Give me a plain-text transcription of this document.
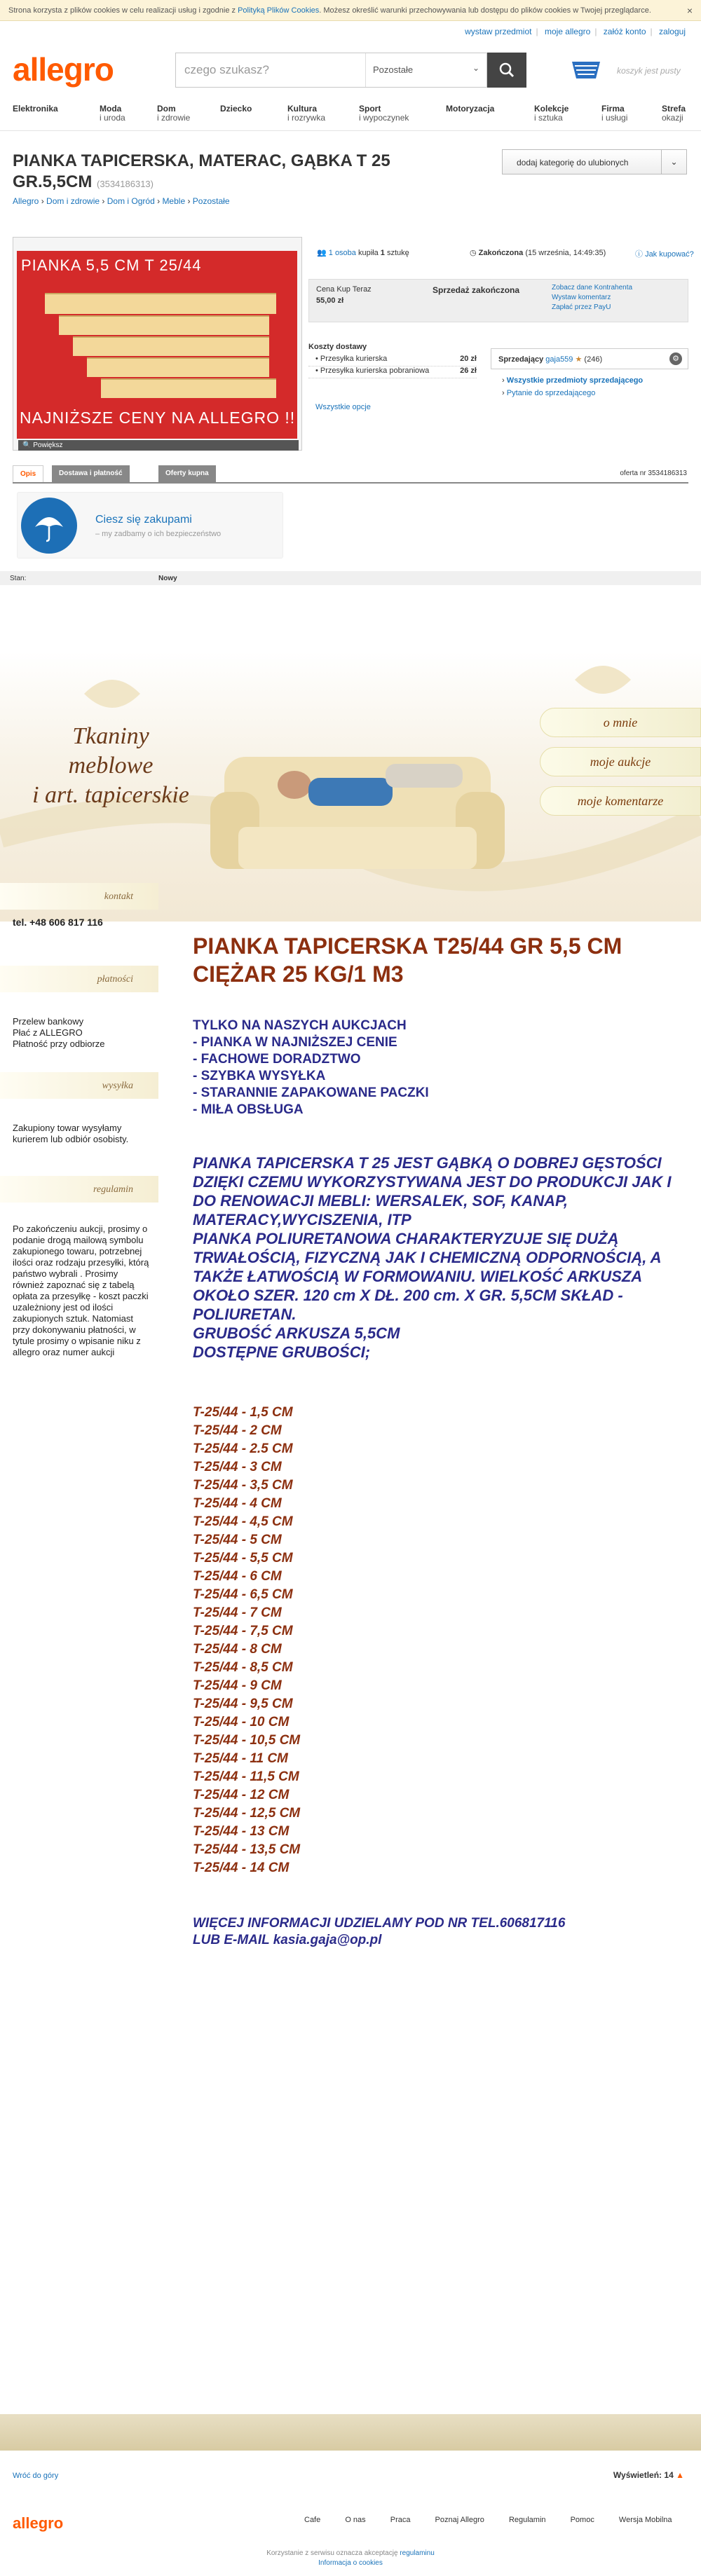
Strona korzysta z plików cookies w celu realizacji usług i zgodnie z Polityką Plików Cookies. Możesz określić warunki przechowywania lub dostępu do plików cookies w Twojej przeglądarce.	×
wystaw przedmiot | moje allegro | załóż konto | zaloguj
allegro	czego szukasz?	Pozostałe	⌄	koszyk jest pusty
Elektronika	Moda
i uroda
Dom
i zdrowie
Dziecko	Kultura
i rozrywka
Sport
i wypoczynek
Motoryzacja	Kolekcje
i sztuka
Firma
i usługi
Strefa
okazji
PIANKA TAPICERSKA, MATERAC, GĄBKA T 25 GR.5,5CM (3534186313)
dodaj kategorię do ulubionych	⌄
Allegro › Dom i zdrowie › Dom i Ogród › Meble › Pozostałe
PIANKA 5,5 CM T 25/44
NAJNIŻSZE CENY NA ALLEGRO !!
🔍 Powiększ
👥 1 osoba kupiła 1 sztukę	◷ Zakończona (15 września, 14:49:35)	ⓘ Jak kupować?
Cena Kup Teraz
55,00 zł
Sprzedaż zakończona	Zobacz dane Kontrahenta
Wystaw komentarz
Zapłać przez PayU
Koszty dostawy
• Przesyłka kurierska	20 zł
• Przesyłka kurierska pobraniowa	26 zł
Wszystkie opcje
Sprzedający gaja559 ★ (246)	⚙
› Wszystkie przedmioty sprzedającego
› Pytanie do sprzedającego
Opis	Dostawa i płatność	Oferty kupna	oferta nr 3534186313
Ciesz się zakupami
– my zadbamy o ich bezpieczeństwo
Stan:	Nowy
Tkaniny
meblowe
i art. tapicerskie
o mnie
moje aukcje
moje komentarze
kontakt
tel. +48 606 817 116
płatności
Przelew bankowy
Płać z ALLEGRO
Płatność przy odbiorze
wysyłka
Zakupiony towar wysyłamy kurierem lub odbiór osobisty.
regulamin
Po zakończeniu aukcji, prosimy o podanie drogą mailową symbolu zakupionego towaru, potrzebnej ilości oraz rodzaju przesyłki, którą państwo wybrali . Prosimy również zapoznać się z tabelą opłata za przesyłkę - koszt paczki uzależniony jest od ilości zakupionych sztuk. Natomiast przy dokonywaniu płatności, w tytule prosimy o wpisanie niku z allegro oraz numer aukcji
PIANKA TAPICERSKA T25/44 GR 5,5 CM
CIĘŻAR 25 KG/1 M3
TYLKO NA NASZYCH AUKCJACH
- PIANKA W NAJNIŻSZEJ CENIE
- FACHOWE DORADZTWO
- SZYBKA WYSYŁKA
- STARANNIE ZAPAKOWANE PACZKI
- MIŁA OBSŁUGA
PIANKA TAPICERSKA T 25 JEST GĄBKĄ O DOBREJ GĘSTOŚCI DZIĘKI CZEMU WYKORZYSTYWANA JEST DO PRODUKCJI JAK I DO RENOWACJI MEBLI: WERSALEK, SOF, KANAP, MATERACY,WYCISZENIA, ITP
PIANKA POLIURETANOWA CHARAKTERYZUJE SIĘ DUŻĄ TRWAŁOŚCIĄ, FIZYCZNĄ JAK I CHEMICZNĄ ODPORNOŚCIĄ, A TAKŻE ŁATWOŚCIĄ W FORMOWANIU. WIELKOŚĆ ARKUSZA OKOŁO SZER. 120 cm X DŁ. 200 cm. X GR. 5,5CM SKŁAD - POLIURETAN.
GRUBOŚĆ ARKUSZA 5,5CM
DOSTĘPNE GRUBOŚCI;
T-25/44 - 1,5 CM
T-25/44 - 2 CM
T-25/44 - 2.5 CM
T-25/44 - 3 CM
T-25/44 - 3,5 CM
T-25/44 - 4 CM
T-25/44 - 4,5 CM
T-25/44 - 5 CM
T-25/44 - 5,5 CM
T-25/44 - 6 CM
T-25/44 - 6,5 CM
T-25/44 - 7 CM
T-25/44 - 7,5 CM
T-25/44 - 8 CM
T-25/44 - 8,5 CM
T-25/44 - 9 CM
T-25/44 - 9,5 CM
T-25/44 - 10 CM
T-25/44 - 10,5 CM
T-25/44 - 11 CM
T-25/44 - 11,5 CM
T-25/44 - 12 CM
T-25/44 - 12,5 CM
T-25/44 - 13 CM
T-25/44 - 13,5 CM
T-25/44 - 14 CM
WIĘCEJ INFORMACJI UDZIELAMY POD NR TEL.606817116
LUB E-MAIL kasia.gaja@op.pl
Wróć do góry	Wyświetleń: 14 ▲
allegro	Cafe	O nas	Praca	Poznaj Allegro	Regulamin	Pomoc	Wersja Mobilna
Korzystanie z serwisu oznacza akceptację regulaminu
Informacja o cookies
